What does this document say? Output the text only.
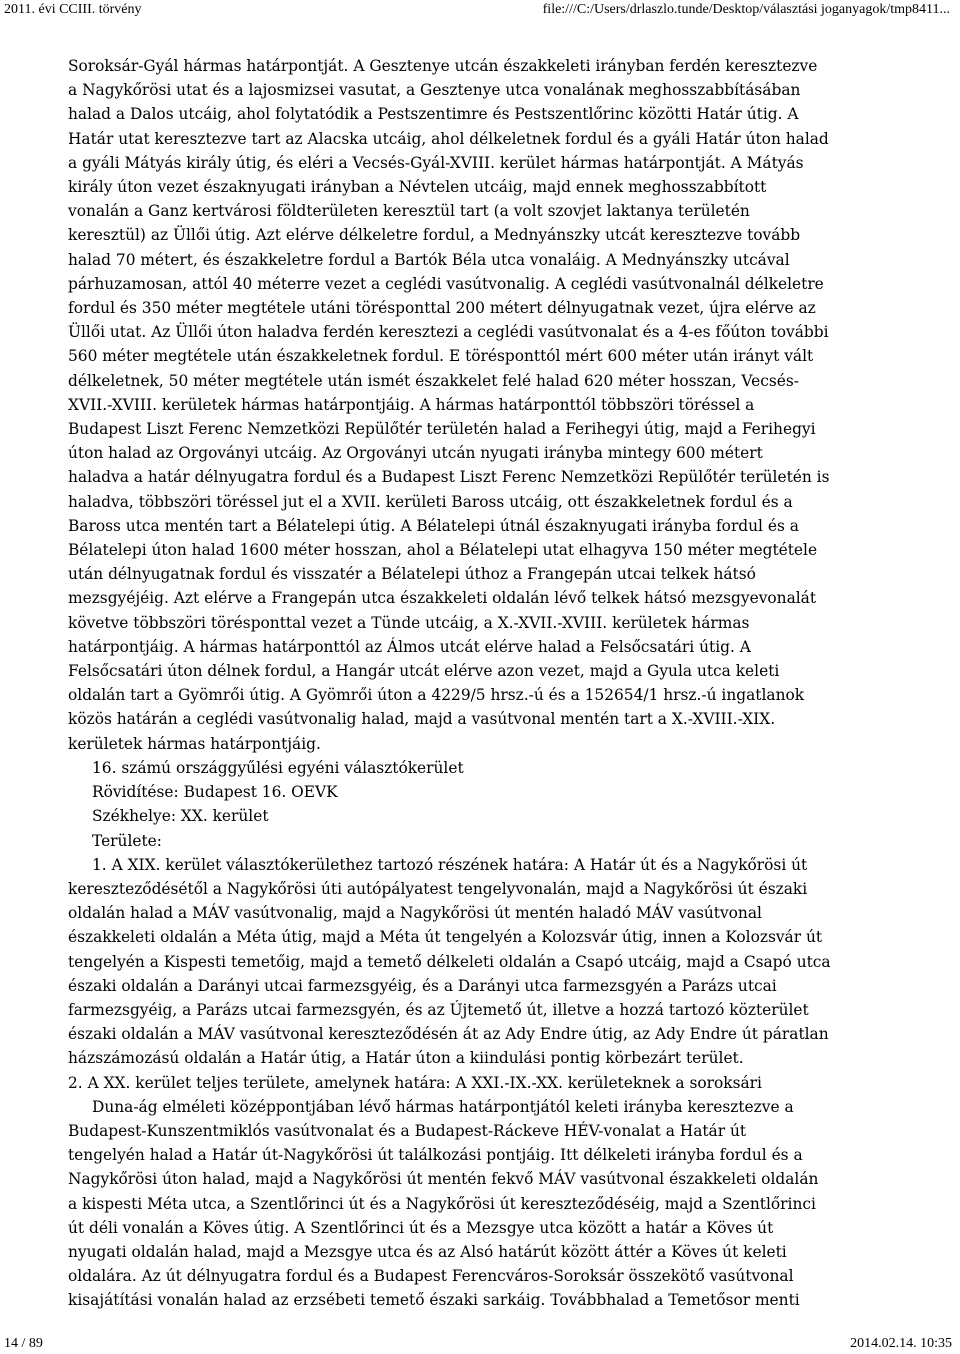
2011. évi CCIII. törvény	file:///C:/Users/drlaszlo.tunde/Desktop/választási joganyagok/tmp8411...
Soroksár-Gyál hármas határpontját. A Gesztenye utcán északkeleti irányban ferdén keresztezve
a Nagykőrösi utat és a lajosmizsei vasutat, a Gesztenye utca vonalának meghosszabbításában
halad a Dalos utcáig, ahol folytatódik a Pestszentimre és Pestszentlőrinc közötti Határ útig. A
Határ utat keresztezve tart az Alacska utcáig, ahol délkeletnek fordul és a gyáli Határ úton halad
a gyáli Mátyás király útig, és eléri a Vecsés-Gyál-XVIII. kerület hármas határpontját. A Mátyás
király úton vezet északnyugati irányban a Névtelen utcáig, majd ennek meghosszabbított
vonalán a Ganz kertvárosi földterületen keresztül tart (a volt szovjet laktanya területén
keresztül) az Üllői útig. Azt elérve délkeletre fordul, a Mednyánszky utcát keresztezve tovább
halad 70 métert, és északkeletre fordul a Bartók Béla utca vonaláig. A Mednyánszky utcával
párhuzamosan, attól 40 méterre vezet a ceglédi vasútvonalig. A ceglédi vasútvonalnál délkeletre
fordul és 350 méter megtétele utáni törésponttal 200 métert délnyugatnak vezet, újra elérve az
Üllői utat. Az Üllői úton haladva ferdén keresztezi a ceglédi vasútvonalat és a 4-es főúton további
560 méter megtétele után északkeletnek fordul. E törésponttól mért 600 méter után irányt vált
délkeletnek, 50 méter megtétele után ismét északkelet felé halad 620 méter hosszan, Vecsés-
XVII.-XVIII. kerületek hármas határpontjáig. A hármas határponttól többszöri töréssel a
Budapest Liszt Ferenc Nemzetközi Repülőtér területén halad a Ferihegyi útig, majd a Ferihegyi
úton halad az Orgoványi utcáig. Az Orgoványi utcán nyugati irányba mintegy 600 métert
haladva a határ délnyugatra fordul és a Budapest Liszt Ferenc Nemzetközi Repülőtér területén is
haladva, többszöri töréssel jut el a XVII. kerületi Baross utcáig, ott északkeletnek fordul és a
Baross utca mentén tart a Bélatelepi útig. A Bélatelepi útnál északnyugati irányba fordul és a
Bélatelepi úton halad 1600 méter hosszan, ahol a Bélatelepi utat elhagyva 150 méter megtétele
után délnyugatnak fordul és visszatér a Bélatelepi úthoz a Frangepán utcai telkek hátsó
mezsgyéjéig. Azt elérve a Frangepán utca északkeleti oldalán lévő telkek hátsó mezsgyevonalát
követve többszöri törésponttal vezet a Tünde utcáig, a X.-XVII.-XVIII. kerületek hármas
határpontjáig. A hármas határponttól az Álmos utcát elérve halad a Felsőcsatári útig. A
Felsőcsatári úton délnek fordul, a Hangár utcát elérve azon vezet, majd a Gyula utca keleti
oldalán tart a Gyömrői útig. A Gyömrői úton a 4229/5 hrsz.-ú és a 152654/1 hrsz.-ú ingatlanok
közös határán a ceglédi vasútvonalig halad, majd a vasútvonal mentén tart a X.-XVIII.-XIX.
kerületek hármas határpontjáig.
16. számú országgyűlési egyéni választókerület
Rövidítése: Budapest 16. OEVK
Székhelye: XX. kerület
Területe:
1. A XIX. kerület választókerülethez tartozó részének határa: A Határ út és a Nagykőrösi út
kereszteződésétől a Nagykőrösi úti autópályatest tengelyvonalán, majd a Nagykőrösi út északi
oldalán halad a MÁV vasútvonalig, majd a Nagykőrösi út mentén haladó MÁV vasútvonal
északkeleti oldalán a Méta útig, majd a Méta út tengelyén a Kolozsvár útig, innen a Kolozsvár út
tengelyén a Kispesti temetőig, majd a temető délkeleti oldalán a Csapó utcáig, majd a Csapó utca
északi oldalán a Darányi utcai farmezsgyéig, és a Darányi utca farmezsgyén a Parázs utcai
farmezsgyéig, a Parázs utcai farmezsgyén, és az Újtemető út, illetve a hozzá tartozó közterület
északi oldalán a MÁV vasútvonal kereszteződésén át az Ady Endre útig, az Ady Endre út páratlan
házszámozású oldalán a Határ útig, a Határ úton a kiindulási pontig körbezárt terület.
2. A XX. kerület teljes területe, amelynek határa: A XXI.-IX.-XX. kerületeknek a soroksári
Duna-ág elméleti középpontjában lévő hármas határpontjától keleti irányba keresztezve a
Budapest-Kunszentmiklós vasútvonalat és a Budapest-Ráckeve HÉV-vonalat a Határ út
tengelyén halad a Határ út-Nagykőrösi út találkozási pontjáig. Itt délkeleti irányba fordul és a
Nagykőrösi úton halad, majd a Nagykőrösi út mentén fekvő MÁV vasútvonal északkeleti oldalán
a kispesti Méta utca, a Szentlőrinci út és a Nagykőrösi út kereszteződéséig, majd a Szentlőrinci
út déli vonalán a Köves útig. A Szentlőrinci út és a Mezsgye utca között a határ a Köves út
nyugati oldalán halad, majd a Mezsgye utca és az Alsó határút között áttér a Köves út keleti
oldalára. Az út délnyugatra fordul és a Budapest Ferencváros-Soroksár összekötő vasútvonal
kisajátítási vonalán halad az erzsébeti temető északi sarkáig. Továbbhalad a Temetősor menti
14 / 89	2014.02.14. 10:35
